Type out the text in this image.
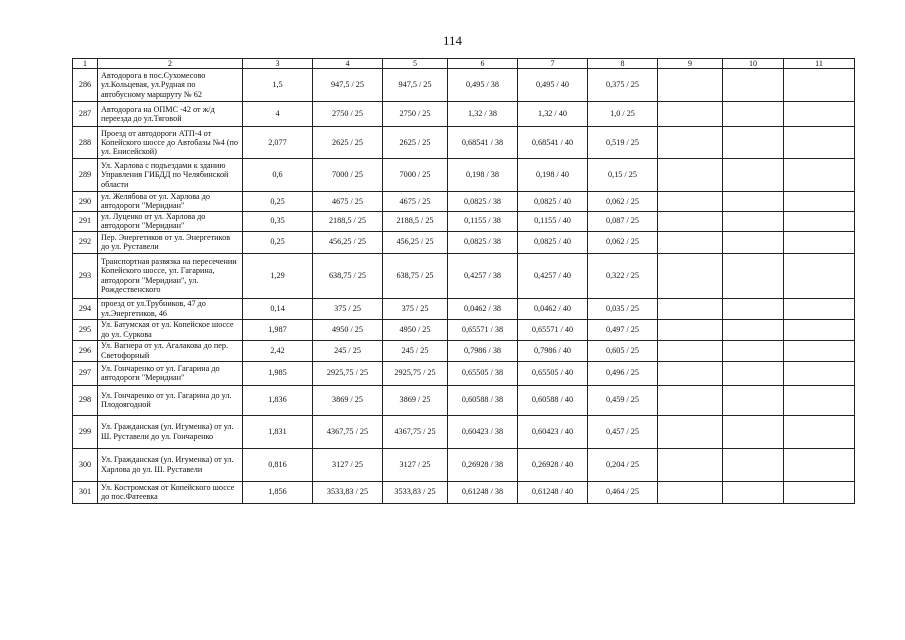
114
1	2	3	4	5	6	7	8	9	10	11
286	Автодорога в пос.Сухомесово ул.Кольцевая, ул.Рудная по автобусному маршруту № 62	1,5	947,5 / 25	947,5 / 25	0,495 / 38	0,495 / 40	0,375 / 25			
287	Автодорога на ОПМС -42 от ж/д переезда до ул.Тяговой	4	2750 / 25	2750 / 25	1,32 / 38	1,32 / 40	1,0 / 25			
288	Проезд от автодороги АТП-4 от Копейского шоссе до Автобазы №4 (по ул. Енисейской)	2,077	2625 / 25	2625 / 25	0,68541 / 38	0,68541 / 40	0,519 / 25			
289	Ул. Харлова с подъездами к зданию Управления ГИБДД по Челябинской области	0,6	7000 / 25	7000 / 25	0,198 / 38	0,198 / 40	0,15 / 25			
290	ул. Желябова от ул. Харлова до автодороги "Меридиан"	0,25	4675 / 25	4675 / 25	0,0825 / 38	0,0825 / 40	0,062 / 25			
291	ул. Луценко от ул. Харлова до автодороги "Меридиан"	0,35	2188,5 / 25	2188,5 / 25	0,1155 / 38	0,1155 / 40	0,087 / 25			
292	Пер. Энергетиков от ул. Энергетиков до ул. Руставели	0,25	456,25 / 25	456,25 / 25	0,0825 / 38	0,0825 / 40	0,062 / 25			
293	Транспортная развязка на пересечении Копейского шоссе, ул. Гагарина, автодороги "Меридиан", ул. Рождественского	1,29	638,75 / 25	638,75 / 25	0,4257 / 38	0,4257 / 40	0,322 / 25			
294	проезд от ул.Трубников, 47 до ул.Энергетиков, 46	0,14	375 / 25	375 / 25	0,0462 / 38	0,0462 / 40	0,035 / 25			
295	Ул. Батумская от ул. Копейское шоссе до ул. Суркова	1,987	4950 / 25	4950 / 25	0,65571 / 38	0,65571 / 40	0,497 / 25			
296	Ул. Вагнера от ул. Агалакова до пер. Светофорный	2,42	245 / 25	245 / 25	0,7986 / 38	0,7986 / 40	0,605 / 25			
297	Ул. Гончаренко от ул. Гагарина до автодороги "Меридиан"	1,985	2925,75 / 25	2925,75 / 25	0,65505 / 38	0,65505 / 40	0,496 / 25			
298	Ул. Гончаренко от ул. Гагарина до ул. Плодоягодной	1,836	3869 / 25	3869 / 25	0,60588 / 38	0,60588 / 40	0,459 / 25			
299	Ул. Гражданская (ул. Игуменка) от ул. Ш. Руставели до ул. Гончаренко	1,831	4367,75 / 25	4367,75 / 25	0,60423 / 38	0,60423 / 40	0,457 / 25			
300	Ул. Гражданская (ул. Игуменка) от ул. Харлова до ул. Ш. Руставели	0,816	3127 / 25	3127 / 25	0,26928 / 38	0,26928 / 40	0,204 / 25			
301	Ул. Костромская от Копейского шоссе до пос.Фатеевка	1,856	3533,83 / 25	3533,83 / 25	0,61248 / 38	0,61248 / 40	0,464 / 25			
